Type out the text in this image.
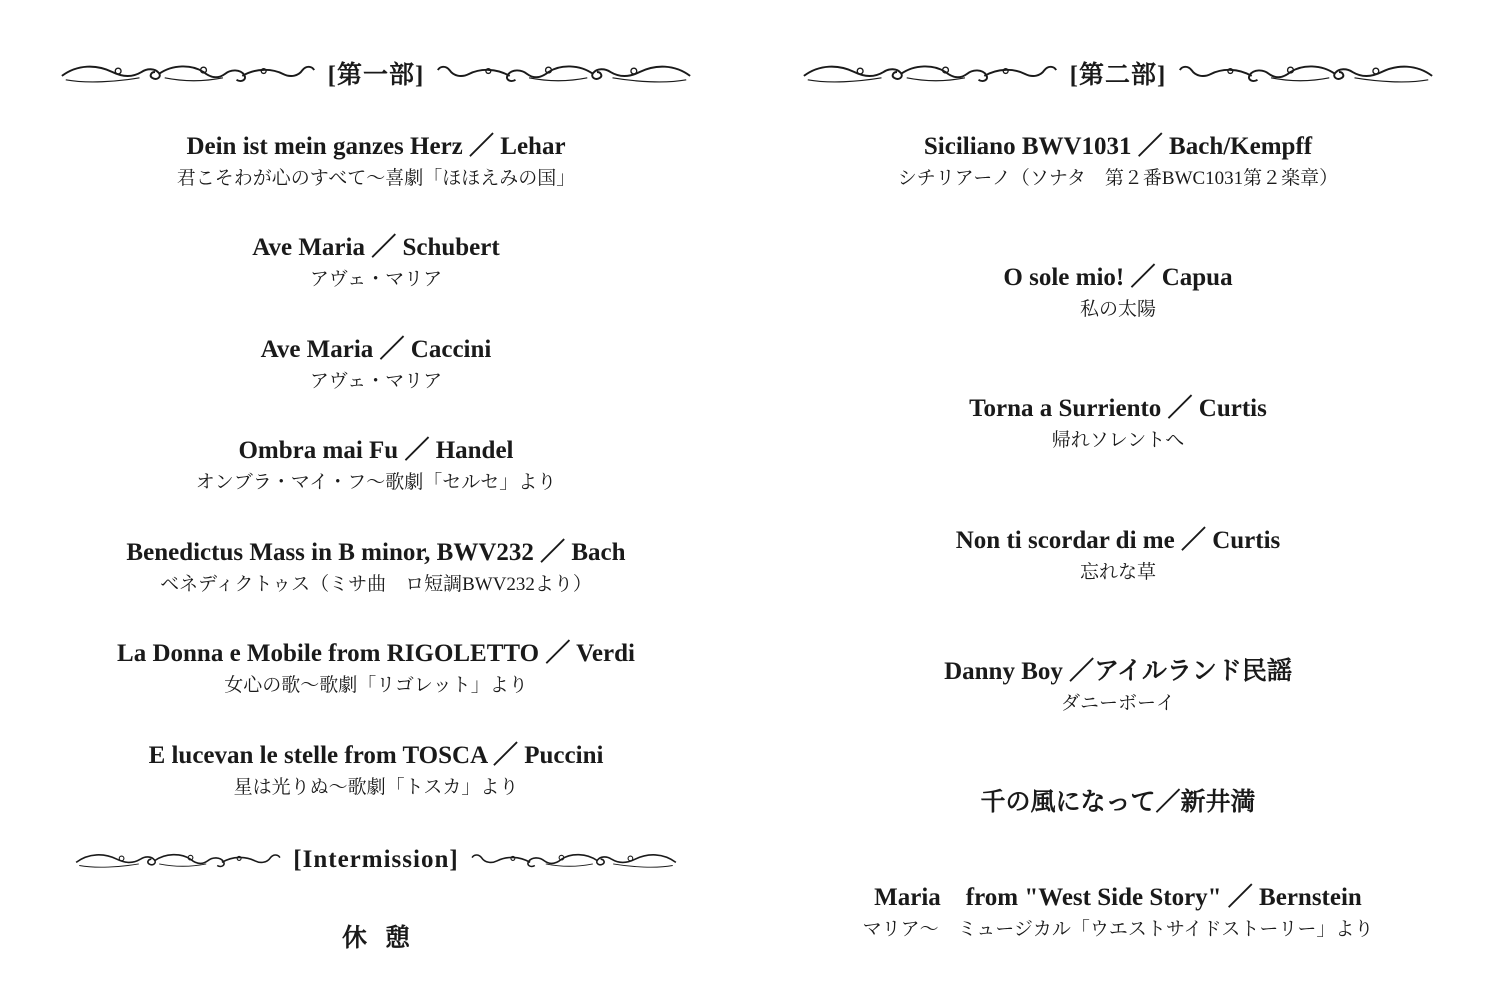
[第一部]
Dein ist mein ganzes Herz ／ Lehar
君こそわが心のすべて〜喜劇「ほほえみの国」
Ave Maria ／ Schubert
アヴェ・マリア
Ave Maria ／ Caccini
アヴェ・マリア
Ombra mai Fu ／ Handel
オンブラ・マイ・フ〜歌劇「セルセ」より
Benedictus Mass in B minor, BWV232 ／ Bach
ベネディクトゥス（ミサ曲　ロ短調BWV232より）
La Donna e Mobile from RIGOLETTO ／ Verdi
女心の歌〜歌劇「リゴレット」より
E lucevan le stelle from TOSCA ／ Puccini
星は光りぬ〜歌劇「トスカ」より
[Intermission]
休憩
[第二部]
Siciliano BWV1031 ／ Bach/Kempff
シチリアーノ（ソナタ　第２番BWC1031第２楽章）
O sole mio! ／ Capua
私の太陽
Torna a Surriento ／ Curtis
帰れソレントへ
Non ti scordar di me ／ Curtis
忘れな草
Danny Boy ／アイルランド民謡
ダニーボーイ
千の風になって／新井満
Maria　from "West Side Story" ／ Bernstein
マリア〜　ミュージカル「ウエストサイドストーリー」より
